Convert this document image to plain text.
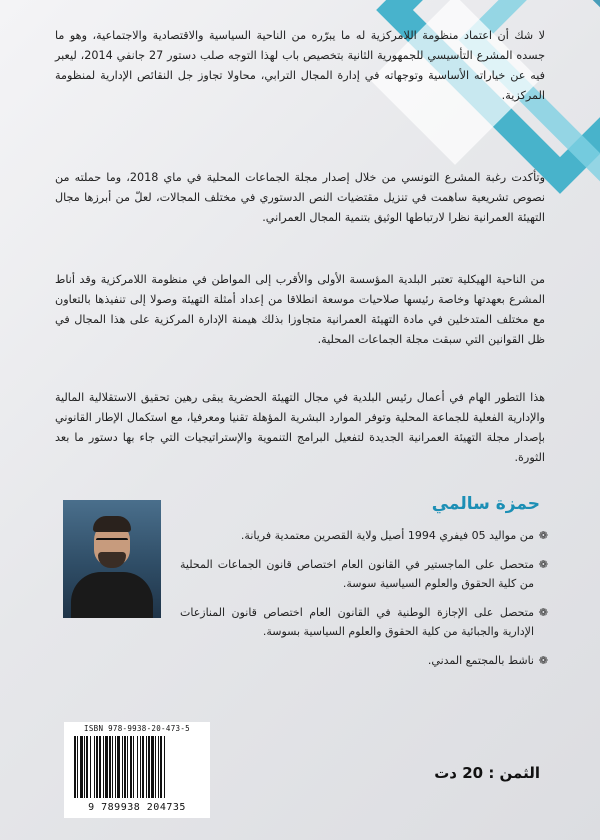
لا شك أن اعتماد منظومة اللامركزية له ما يبرّره من الناحية السياسية والاقتصادية والاجتماعية، وهو ما جسده المشرع التأسيسي للجمهورية الثانية بتخصيص باب لهذا التوجه صلب دستور 27 جانفي 2014، ليعبر فيه عن خياراته الأساسية وتوجهاته في إدارة المجال الترابي، محاولا تجاوز جل النقائص الإدارية لمنظومة المركزية.

وتأكدت رغبة المشرع التونسي من خلال إصدار مجلة الجماعات المحلية في ماي 2018، وما حملته من نصوص تشريعية ساهمت في تنزيل مقتضيات النص الدستوري في مختلف المجالات، لعلّ من أبرزها مجال التهيئة العمرانية نظرا لارتباطها الوثيق بتنمية المجال العمراني.

من الناحية الهيكلية تعتبر البلدية المؤسسة الأولى والأقرب إلى المواطن في منظومة اللامركزية وقد أناط المشرع بعهدتها وخاصة رئيسها صلاحيات موسعة انطلاقا من إعداد أمثلة التهيئة وصولا إلى تنفيذها بالتعاون مع مختلف المتدخلين في مادة التهيئة العمرانية متجاوزا بذلك هيمنة الإدارة المركزية على هذا المجال في ظل القوانين التي سبقت مجلة الجماعات المحلية.

هذا التطور الهام في أعمال رئيس البلدية في مجال التهيئة الحضرية يبقى رهين تحقيق الاستقلالية المالية والإدارية الفعلية للجماعة المحلية وتوفر الموارد البشرية المؤهلة تقنيا ومعرفيا، مع استكمال الإطار القانوني بإصدار مجلة التهيئة العمرانية الجديدة لتفعيل البرامج التنموية والإستراتيجيات التي جاء بها دستور ما بعد الثورة.

حمزة سالمي
❁
من مواليد 05 فيفري 1994 أصيل ولاية القصرين معتمدية فريانة.
❁
متحصل على الماجستير في القانون العام اختصاص قانون الجماعات المحلية من كلية الحقوق والعلوم السياسية سوسة.
❁
متحصل على الإجازة الوطنية في القانون العام اختصاص قانون المنازعات الإدارية والجبائية من كلية الحقوق والعلوم السياسية بسوسة.
❁
ناشط بالمجتمع المدني.
ISBN 978-9938-20-473-5
9 789938 204735
الثمن : 20 دت
